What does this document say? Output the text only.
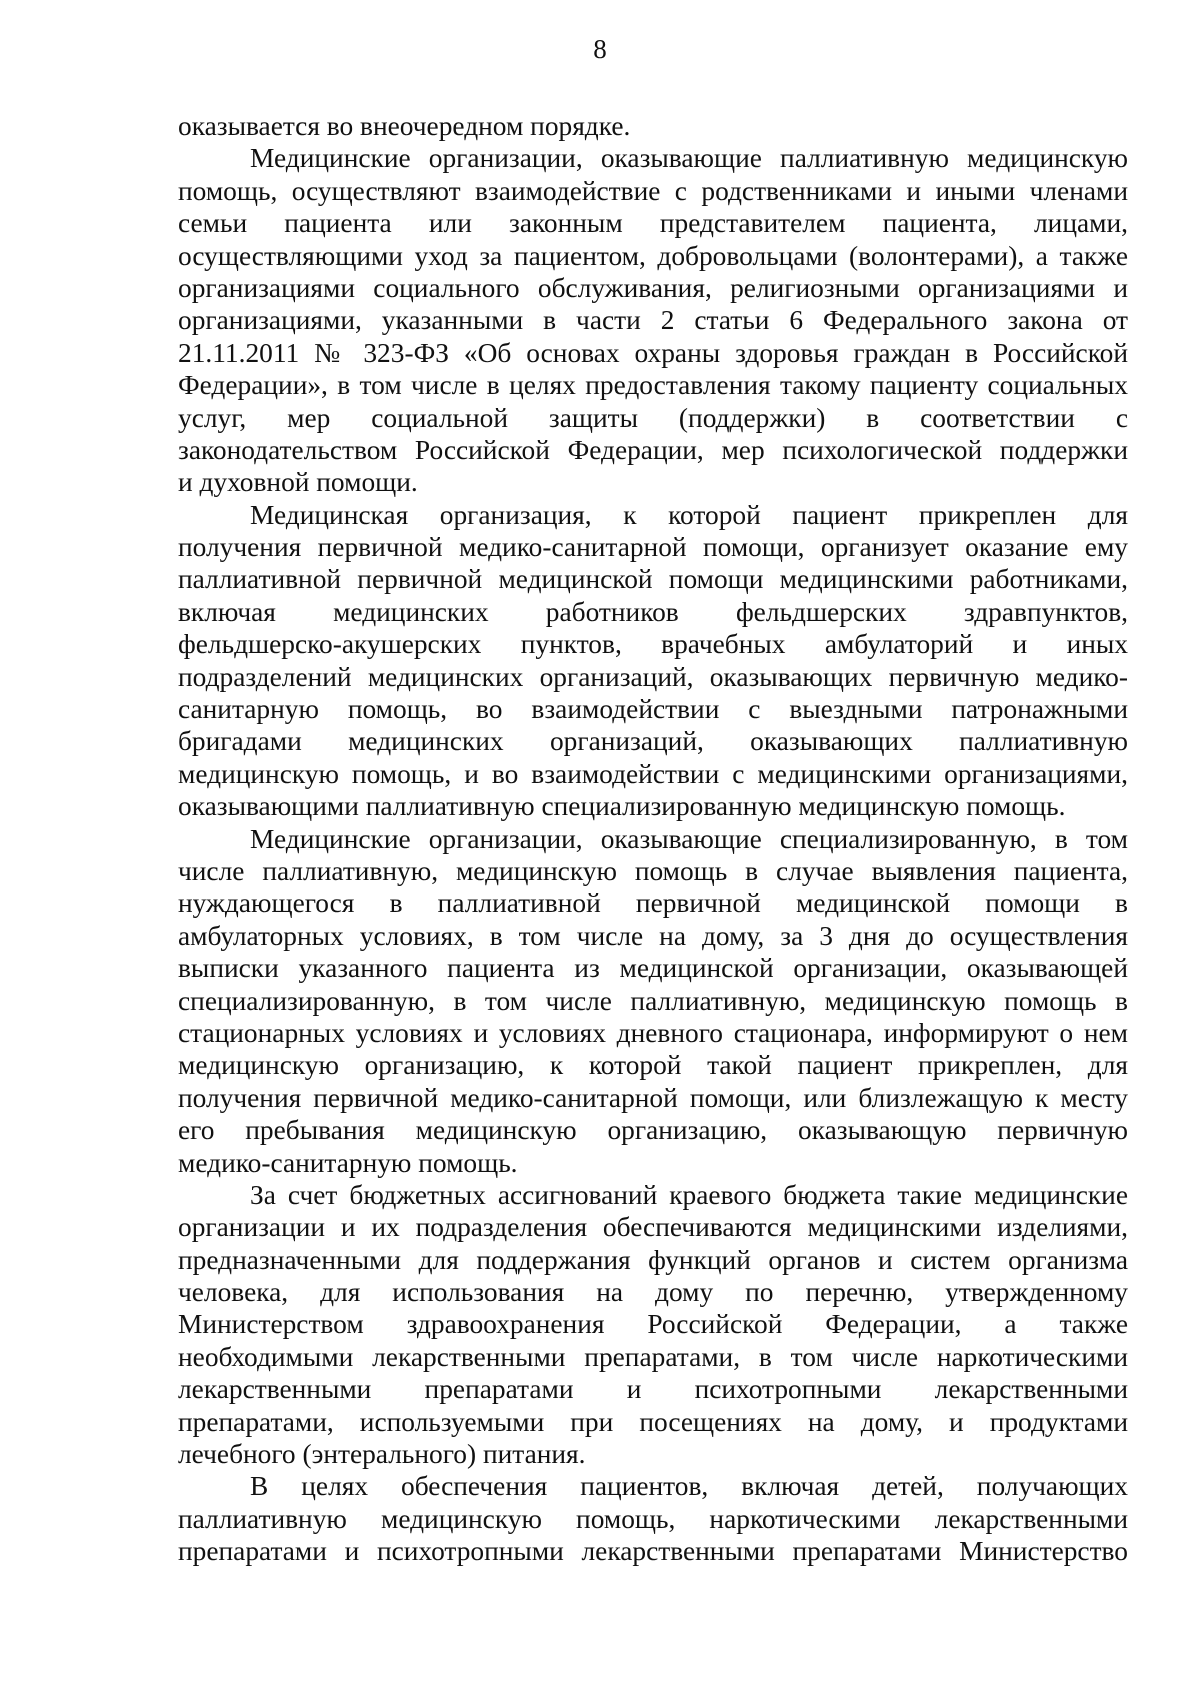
8
оказывается во внеочередном порядке.
Медицинские организации, оказывающие паллиативную медицинскую
помощь, осуществляют взаимодействие с родственниками и иными членами
семьи пациента или законным представителем пациента, лицами,
осуществляющими уход за пациентом, добровольцами (волонтерами), а также
организациями социального обслуживания, религиозными организациями и
организациями, указанными в части 2 статьи 6 Федерального закона от
21.11.2011 № 323-ФЗ «Об основах охраны здоровья граждан в Российской
Федерации», в том числе в целях предоставления такому пациенту социальных
услуг, мер социальной защиты (поддержки) в соответствии с
законодательством Российской Федерации, мер психологической поддержки
и духовной помощи.
Медицинская организация, к которой пациент прикреплен для
получения первичной медико-санитарной помощи, организует оказание ему
паллиативной первичной медицинской помощи медицинскими работниками,
включая медицинских работников фельдшерских здравпунктов,
фельдшерско-акушерских пунктов, врачебных амбулаторий и иных
подразделений медицинских организаций, оказывающих первичную медико-
санитарную помощь, во взаимодействии с выездными патронажными
бригадами медицинских организаций, оказывающих паллиативную
медицинскую помощь, и во взаимодействии с медицинскими организациями,
оказывающими паллиативную специализированную медицинскую помощь.
Медицинские организации, оказывающие специализированную, в том
числе паллиативную, медицинскую помощь в случае выявления пациента,
нуждающегося в паллиативной первичной медицинской помощи в
амбулаторных условиях, в том числе на дому, за 3 дня до осуществления
выписки указанного пациента из медицинской организации, оказывающей
специализированную, в том числе паллиативную, медицинскую помощь в
стационарных условиях и условиях дневного стационара, информируют о нем
медицинскую организацию, к которой такой пациент прикреплен, для
получения первичной медико-санитарной помощи, или близлежащую к месту
его пребывания медицинскую организацию, оказывающую первичную
медико-санитарную помощь.
За счет бюджетных ассигнований краевого бюджета такие медицинские
организации и их подразделения обеспечиваются медицинскими изделиями,
предназначенными для поддержания функций органов и систем организма
человека, для использования на дому по перечню, утвержденному
Министерством здравоохранения Российской Федерации, а также
необходимыми лекарственными препаратами, в том числе наркотическими
лекарственными препаратами и психотропными лекарственными
препаратами, используемыми при посещениях на дому, и продуктами
лечебного (энтерального) питания.
В целях обеспечения пациентов, включая детей, получающих
паллиативную медицинскую помощь, наркотическими лекарственными
препаратами и психотропными лекарственными препаратами Министерство
